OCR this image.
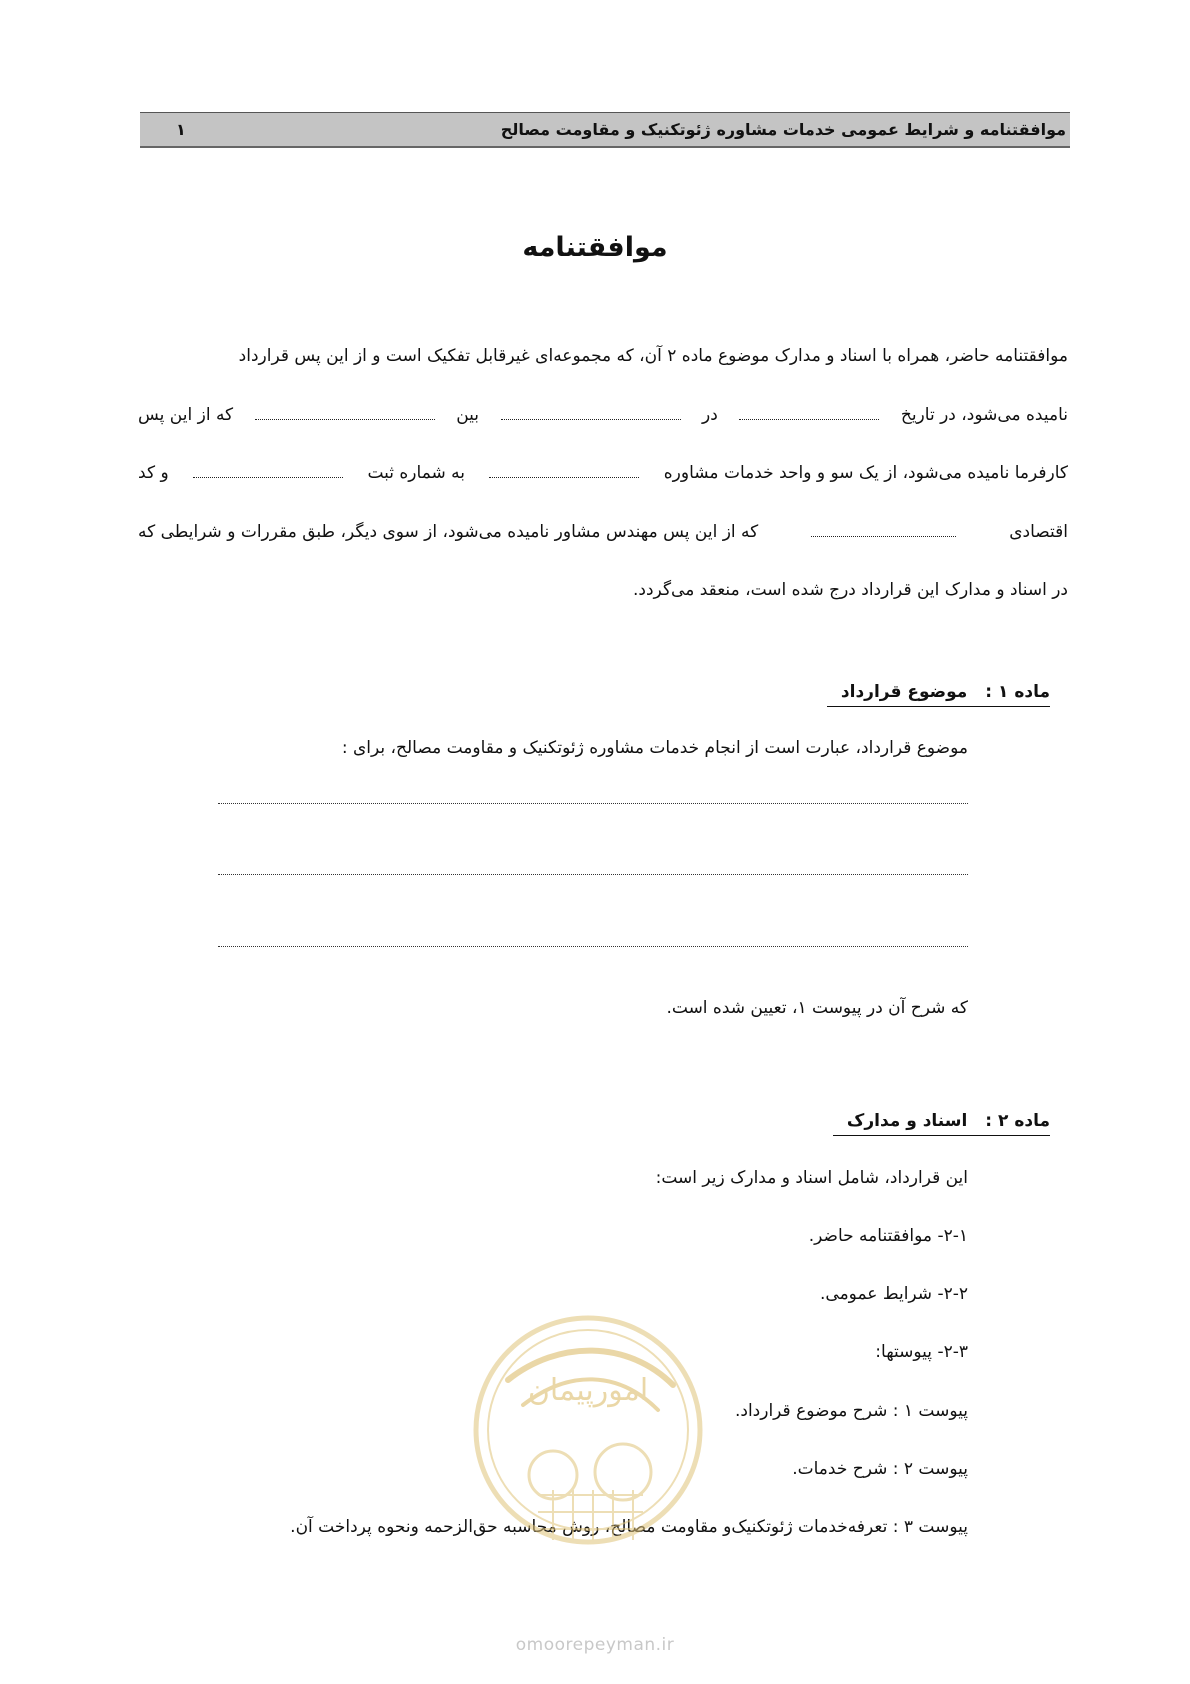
موافقتنامه و شرایط عمومی خدمات مشاوره ژئوتکنیک و مقاومت مصالح
۱
موافقتنامه
موافقتنامه حاضر، همراه با اسناد و مدارک موضوع ماده ۲ آن، که مجموعه‌ای غیرقابل تفکیک است و از این پس قرارداد
نامیده می‌شود، در تاریخ
در
بین
که از این پس
کارفرما نامیده می‌شود، از یک سو و واحد خدمات مشاوره
به شماره ثبت
و کد
اقتصادی
که از این پس مهندس مشاور نامیده می‌شود، از سوی دیگر، طبق مقررات و شرایطی که
در اسناد و مدارک این قرارداد درج شده است، منعقد می‌گردد.
ماده ۱ :موضوع قرارداد
موضوع قرارداد، عبارت است از انجام خدمات مشاوره ژئوتکنیک و مقاومت مصالح، برای :
که شرح آن در پیوست ۱، تعیین شده است.
ماده ۲ :اسناد و مدارک
این قرارداد، شامل اسناد و مدارک زیر است:
۲-۱- موافقتنامه حاضر.
۲-۲- شرایط عمومی.
۲-۳- پیوستها:
پیوست ۱ : شرح موضوع قرارداد.
پیوست ۲ : شرح خدمات.
پیوست ۳ : تعرفه‌خدمات ژئوتکنیک‌و مقاومت مصالح، روش محاسبه حق‌الزحمه ونحوه پرداخت آن.
امورپیمان
omoorepeyman.ir
